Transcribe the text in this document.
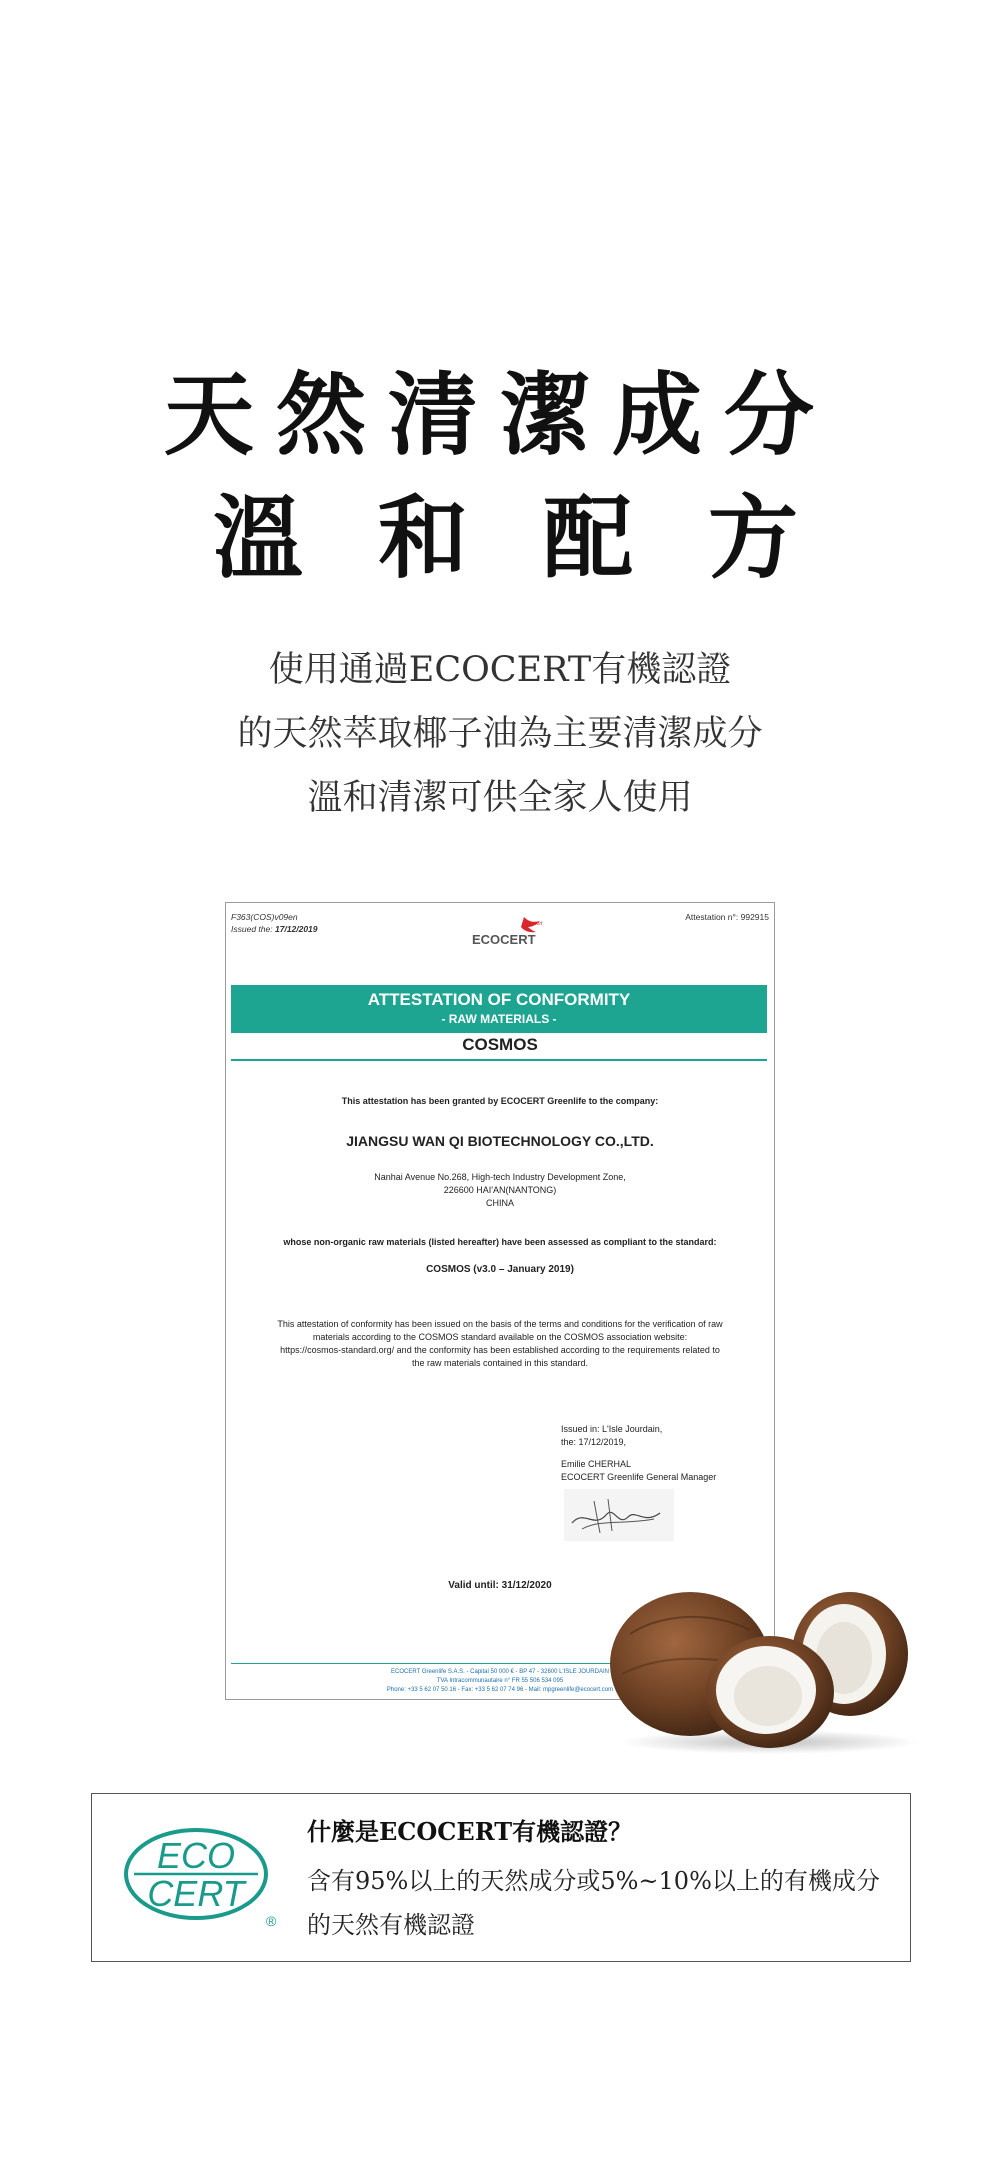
天然清潔成分
溫 和 配 方
使用通過ECOCERT有機認證
的天然萃取椰子油為主要清潔成分
溫和清潔可供全家人使用
F363(COS)v09en
Issued the: 17/12/2019
Attestation n°: 992915
ecocert
ECOCERT
ATTESTATION OF CONFORMITY
- RAW MATERIALS -
COSMOS
This attestation has been granted by ECOCERT Greenlife to the company:
JIANGSU WAN QI BIOTECHNOLOGY CO.,LTD.
Nanhai Avenue No.268, High-tech Industry Development Zone,
226600 HAI'AN(NANTONG)
CHINA
whose non-organic raw materials (listed hereafter) have been assessed as compliant to the standard:
COSMOS (v3.0 – January 2019)
This attestation of conformity has been issued on the basis of the terms and conditions for the verification of raw
materials according to the COSMOS standard available on the COSMOS association website:
https://cosmos-standard.org/ and the conformity has been established according to the requirements related to
the raw materials contained in this standard.
Issued in: L'Isle Jourdain,
the: 17/12/2019,
Emilie CHERHAL
ECOCERT Greenlife General Manager
Valid until: 31/12/2020
ECOCERT Greenlife S.A.S. - Capital 50 000 € - BP 47 - 32600 L'ISLE JOURDAIN
TVA Intracommunautaire n° FR 55 506 534 095
Phone: +33 5 62 07 50 16 - Fax: +33 5 62 07 74 96 - Mail: mpgreenlife@ecocert.com
ECO
CERT
®
什麼是ECOCERT有機認證？
含有95%以上的天然成分或5%~10%以上的有機成分的天然有機認證
